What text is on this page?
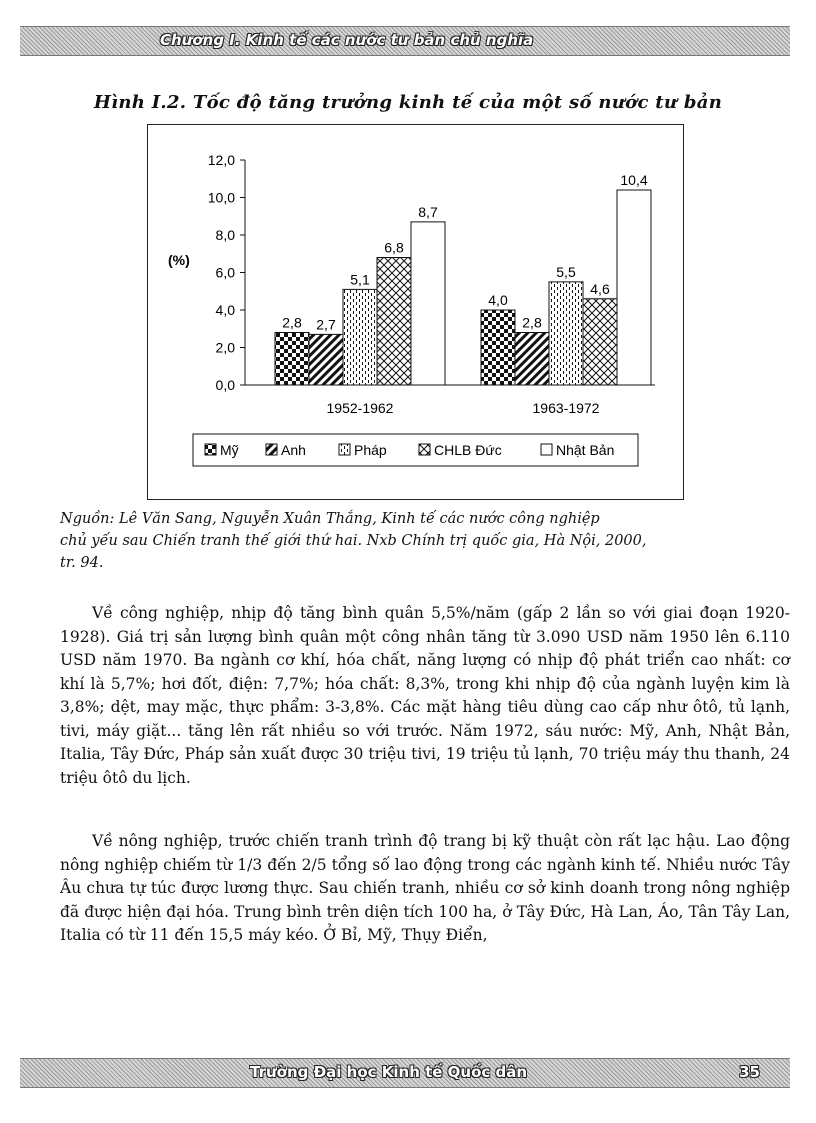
Chương I. Kinh tế các nước tư bản chủ nghĩa
Hình I.2. Tốc độ tăng trưởng kinh tế của một số nước tư bản
(%)
0,0
2,0
4,0
6,0
8,0
10,0
12,0
2,8
4,0
2,7	2,8
5,1	5,5
6,8
4,6
8,7
10,4
1952-1962	1963-1972
Mỹ	Anh	Pháp	CHLB Đức	Nhật Bản

Nguồn: Lê Văn Sang, Nguyễn Xuân Thắng, Kinh tế các nước công nghiệp

chủ yếu sau Chiến tranh thế giới thứ hai. Nxb Chính trị quốc gia, Hà Nội, 2000,

tr. 94.

Về công nghiệp, nhịp độ tăng bình quân 5,5%/năm (gấp 2 lần so với giai đoạn 1920-1928). Giá trị sản lượng bình quân một công nhân tăng từ 3.090 USD năm 1950 lên 6.110 USD năm 1970. Ba ngành cơ khí, hóa chất, năng lượng có nhịp độ phát triển cao nhất: cơ khí là 5,7%; hơi đốt, điện: 7,7%; hóa chất: 8,3%, trong khi nhịp độ của ngành luyện kim là 3,8%; dệt, may mặc, thực phẩm: 3-3,8%. Các mặt hàng tiêu dùng cao cấp như ôtô, tủ lạnh, tivi, máy giặt... tăng lên rất nhiều so với trước. Năm 1972, sáu nước: Mỹ, Anh, Nhật Bản, Italia, Tây Đức, Pháp sản xuất được 30 triệu tivi, 19 triệu tủ lạnh, 70 triệu máy thu thanh, 24 triệu ôtô du lịch.

Về nông nghiệp, trước chiến tranh trình độ trang bị kỹ thuật còn rất lạc hậu. Lao động nông nghiệp chiếm từ 1/3 đến 2/5 tổng số lao động trong các ngành kinh tế. Nhiều nước Tây Âu chưa tự túc được lương thực. Sau chiến tranh, nhiều cơ sở kinh doanh trong nông nghiệp đã được hiện đại hóa. Trung bình trên diện tích 100 ha, ở Tây Đức, Hà Lan, Áo, Tân Tây Lan, Italia có từ 11 đến 15,5 máy kéo. Ở Bỉ, Mỹ, Thụy Điển,

Trường Đại học Kinh tế Quốc dân	35
